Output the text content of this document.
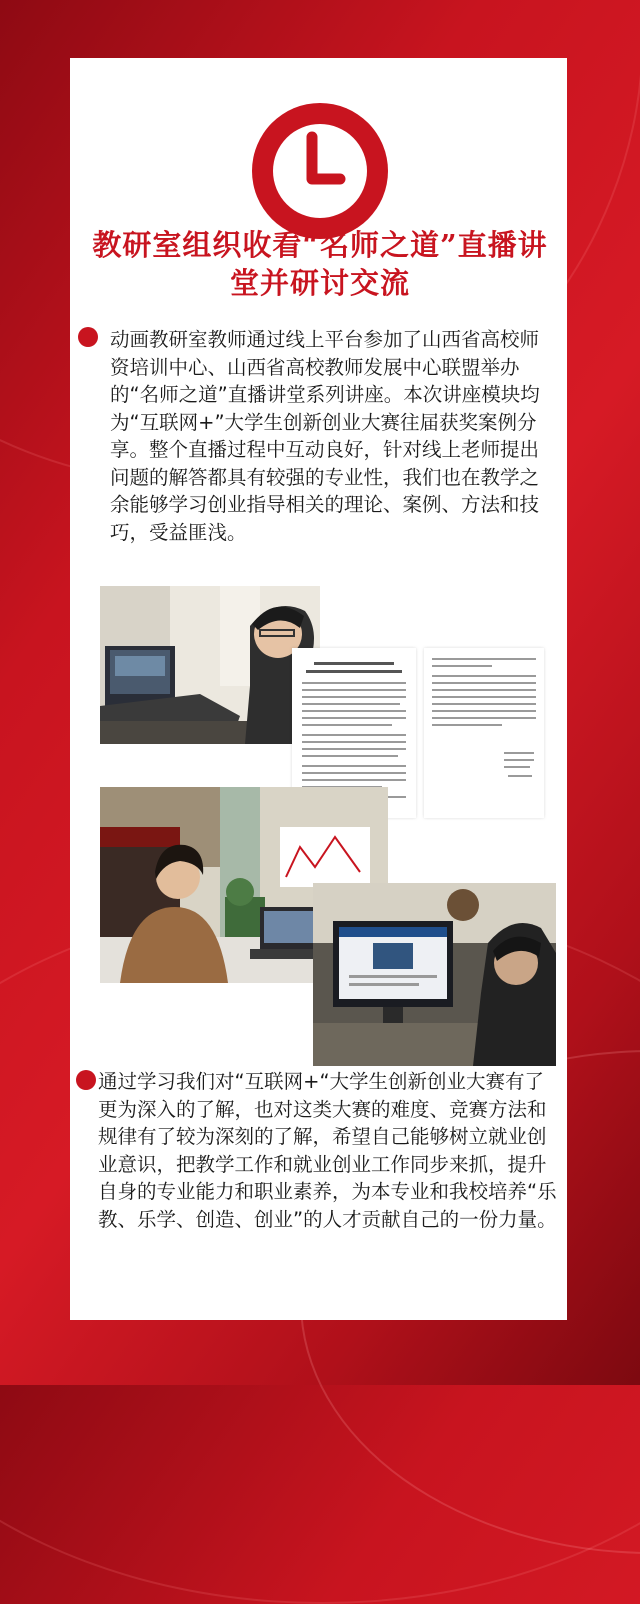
教研室组织收看“名师之道”直播讲堂并研讨交流
动画教研室教师通过线上平台参加了山西省高校师资培训中心、山西省高校教师发展中心联盟举办的“名师之道”直播讲堂系列讲座。本次讲座模块均为“互联网+”大学生创新创业大赛往届获奖案例分享。整个直播过程中互动良好，针对线上老师提出问题的解答都具有较强的专业性，我们也在教学之余能够学习创业指导相关的理论、案例、方法和技巧，受益匪浅。
通过学习我们对“互联网+“大学生创新创业大赛有了更为深入的了解，也对这类大赛的难度、竞赛方法和规律有了较为深刻的了解，希望自己能够树立就业创业意识，把教学工作和就业创业工作同步来抓，提升自身的专业能力和职业素养，为本专业和我校培养“乐教、乐学、创造、创业”的人才贡献自己的一份力量。
